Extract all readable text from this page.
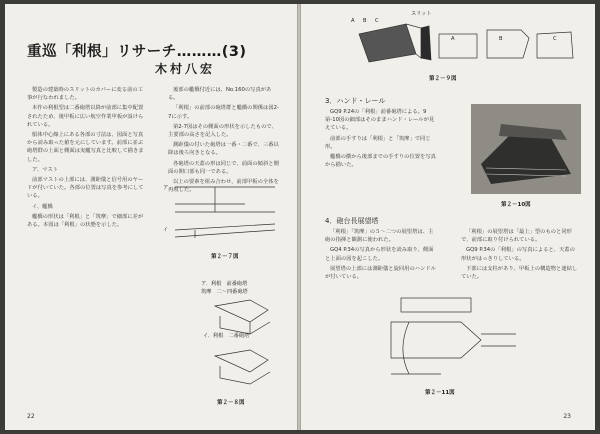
重巡「利根」リサーチ………(3)
木村八宏

製造の建築時のスリットのカバーに変る前の工事が行なわれました。

本作の利根型は二番砲塔以降が前部に集中配置されたため、後甲板に広い航空作業甲板が設けられている。

船体中心線上にある各部の寸法は、図面と写真から読み取った値を元にしています。前部に並ぶ砲塔群の上面と側面は実艦写真と比較して描きました。

ア、マスト

前部マストの上部には、測距儀と信号用のヤードが付いていた。各部の位置は写真を参考にしている。

イ、艦橋

艦橋の形状は「利根」と「筑摩」で細部に差がある。本図は「利根」の状態を示した。

後部の艦橋付近には、No.160の写真がある。

「利根」の前部の砲塔群と艦橋の関係は図2-7に示す。

第2-7図はその側面の形状を示したもので、主要部の高さを記入した。

測距儀の付いた砲塔は一番・二番で、三番以降は後ろ向きとなる。

各砲塔の天蓋の形は同じで、前面の傾斜と側面の開口部も同一である。

以上の要素を組み合わせ、前部甲板の全体を再現した。

ア
イ
第２－７図
ア．利根　前番砲塔
筑摩　二〜四番砲塔
イ．利根　二番砲塔
第２－８図
22
A B C
スリット
A	B	C
第２－９図
3．ハンド・レール

GQ9 P.24の「利根」前番砲塔による。9第-10図の細部はそのままハンド・レールが見えている。

前部の手すりは「利根」と「筑摩」で同じ形。

艦橋の横から後部までの手すりの位置を写真から描いた。

第２－10図
4．砲台長展望塔

「利根」「筑摩」の５〜二つの展望塔は、主砲の指揮と観測に使われた。

GQ4 P.34の写真から形状を読み取り、側面と上面の図を起こした。

展望塔の上部には測距儀と旋回用のハンドルが付いている。

「利根」の展望塔は「最上」型のものと同形で、前部に取り付けられている。

GQ9 P.34の「利根」の写真によると、天蓋の形状がはっきりしている。

下部には支柱があり、甲板上の構造物と連結していた。

第２－11図
23
